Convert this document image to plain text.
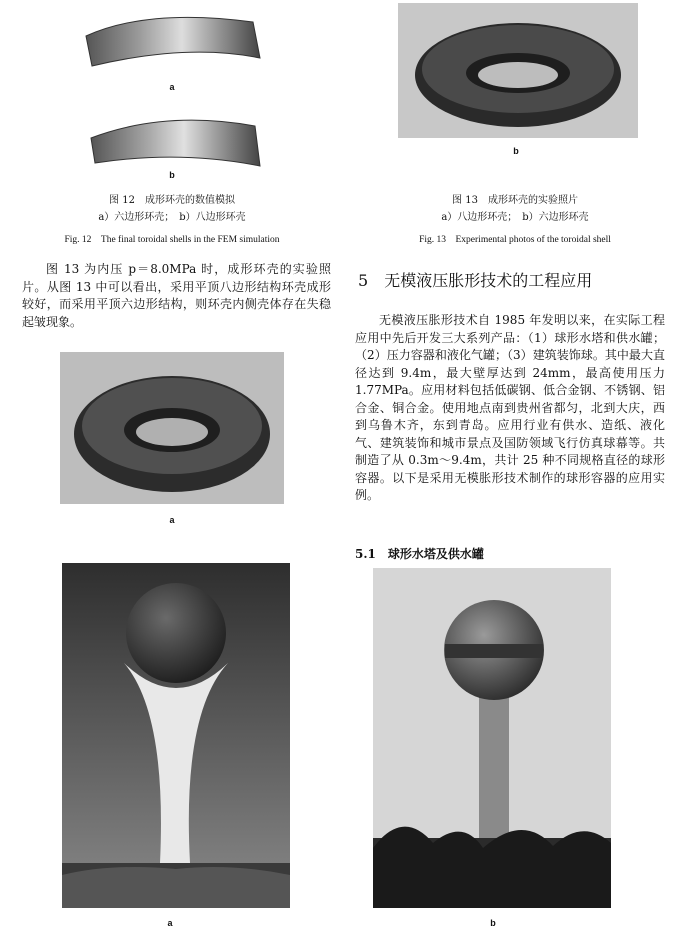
a
b
图 12　成形环壳的数值模拟
a）六边形环壳；　b）八边形环壳
Fig. 12　The final toroidal shells in the FEM simulation
b
图 13　成形环壳的实验照片
a）八边形环壳；　b）六边形环壳
Fig. 13　Experimental photos of the toroidal shell

图 13 为内压 p＝8.0MPa 时，成形环壳的实验照片。从图 13 中可以看出，采用平顶八边形结构环壳成形较好，而采用平顶六边形结构，则环壳内侧壳体存在失稳起皱现象。

a
5　 无模液压胀形技术的工程应用

无模液压胀形技术自 1985 年发明以来，在实际工程应用中先后开发三大系列产品：（1）球形水塔和供水罐；（2）压力容器和液化气罐；（3）建筑装饰球。其中最大直径达到 9.4m，最大壁厚达到 24mm，最高使用压力 1.77MPa。应用材料包括低碳钢、低合金钢、不锈钢、铝合金、铜合金。使用地点南到贵州省都匀，北到大庆，西到乌鲁木齐，东到青岛。应用行业有供水、造纸、液化气、建筑装饰和城市景点及国防领域飞行仿真球幕等。共制造了从 0.3m～9.4m，共计 25 种不同规格直径的球形容器。以下是采用无模胀形技术制作的球形容器的应用实例。

5.1　 球形水塔及供水罐
a	b
